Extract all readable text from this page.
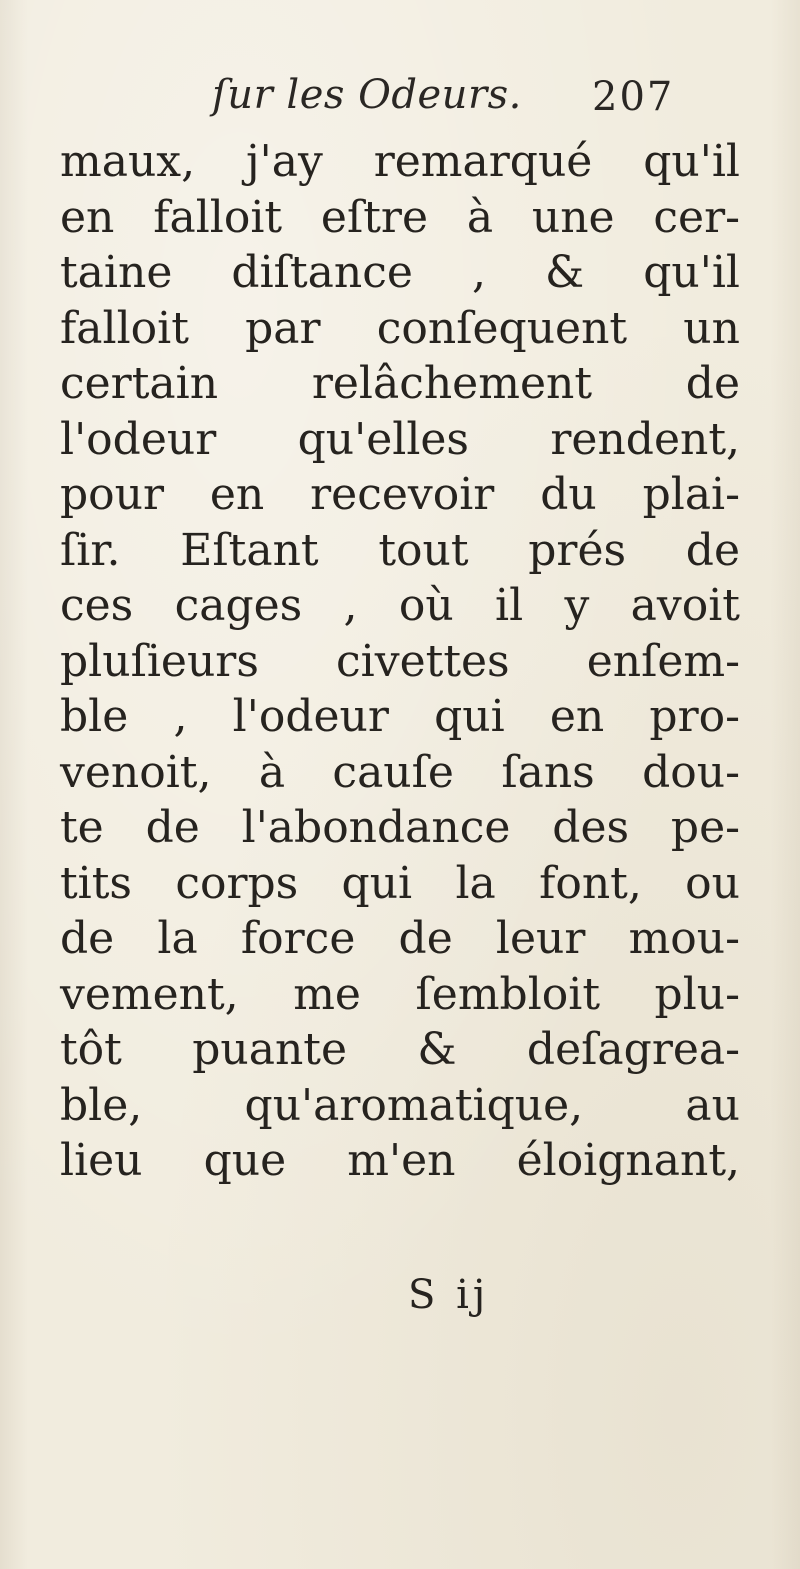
ſur les Odeurs. 207
maux, j'ay remarqué qu'il
en falloit eſtre à une cer-
taine diſtance , & qu'il
falloit par conſequent un
certain relâchement de
l'odeur qu'elles rendent,
pour en recevoir du plai-
ſir. Eſtant tout prés de
ces cages , où il y avoit
pluſieurs civettes enſem-
ble , l'odeur qui en pro-
venoit, à cauſe ſans dou-
te de l'abondance des pe-
tits corps qui la font, ou
de la force de leur mou-
vement, me ſembloit plu-
tôt puante & deſagrea-
ble, qu'aromatique, au
lieu que m'en éloignant,
S ij
